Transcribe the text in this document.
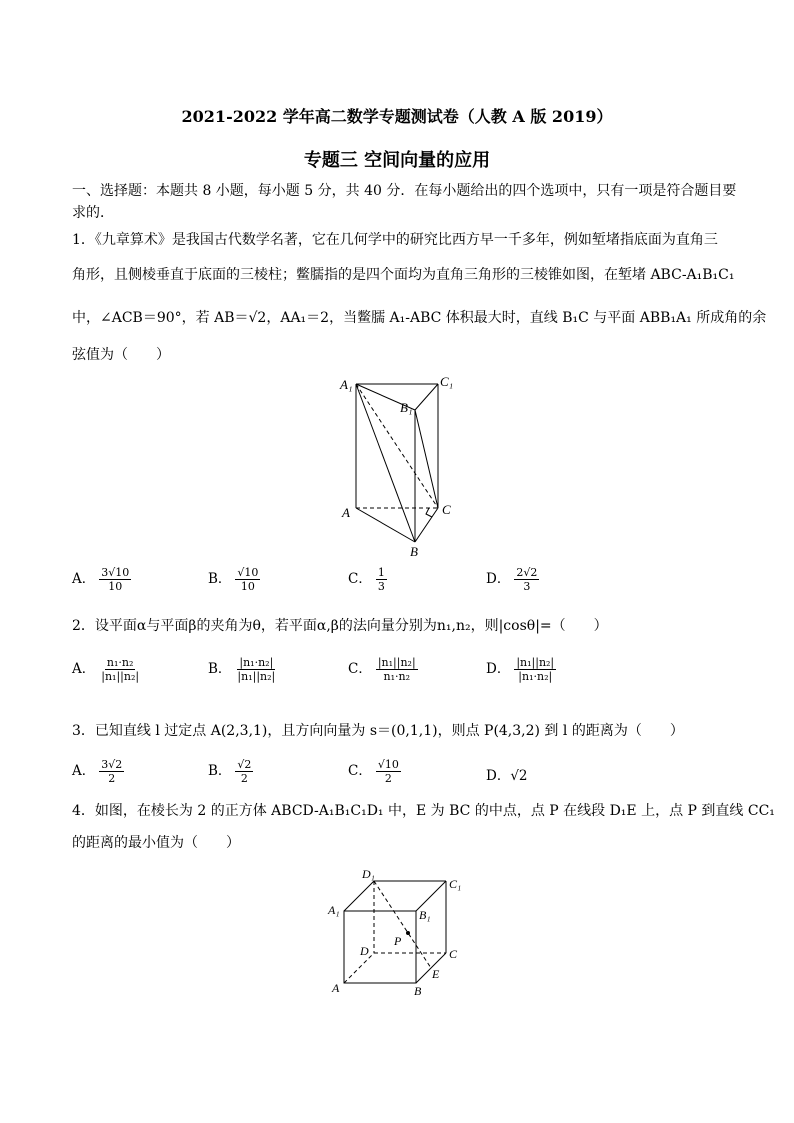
2021-2022 学年高二数学专题测试卷（人教 A 版 2019）
专题三 空间向量的应用
一、选择题：本题共 8 小题，每小题 5 分，共 40 分．在每小题给出的四个选项中，只有一项是符合题目要
求的．
1．《九章算术》是我国古代数学名著，它在几何学中的研究比西方早一千多年，例如堑堵指底面为直角三
角形，且侧棱垂直于底面的三棱柱；鳖臑指的是四个面均为直角三角形的三棱锥如图，在堑堵 ABC-A₁B₁C₁
中，∠ACB＝90°，若 AB＝√2，AA₁＝2，当鳖臑 A₁-ABC 体积最大时，直线 B₁C 与平面 ABB₁A₁ 所成角的余
弦值为（　　）
A₁	C₁
B₁
A	C
B
A． $\frac{3√10}{10}$	B． $\frac{√10}{10}$	C． $\frac{1}{3}$	D． $\frac{2√2}{3}$
2．设平面α与平面β的夹角为θ，若平面α,β的法向量分别为n₁,n₂，则|cosθ|=（　　）
A． $\frac{\text{n₁·n₂}}{\text{|n₁||n₂|}}$	B． $\frac{\text{|n₁·n₂|}}{\text{|n₁||n₂|}}$	C． $\frac{\text{|n₁||n₂|}}{\text{n₁·n₂}}$	D． $\frac{\text{|n₁||n₂|}}{\text{|n₁·n₂|}}$
3．已知直线 l 过定点 A(2,3,1)，且方向向量为 s＝(0,1,1)，则点 P(4,3,2) 到 l 的距离为（　　）
A． $\frac{3√2}{2}$	B． $\frac{√2}{2}$	C． $\frac{√10}{2}$	D．√2
4．如图，在棱长为 2 的正方体 ABCD-A₁B₁C₁D₁ 中，E 为 BC 的中点，点 P 在线段 D₁E 上，点 P 到直线 CC₁
的距离的最小值为（　　）
D₁
C₁
A₁	B₁
P
D	C
E
A	B
